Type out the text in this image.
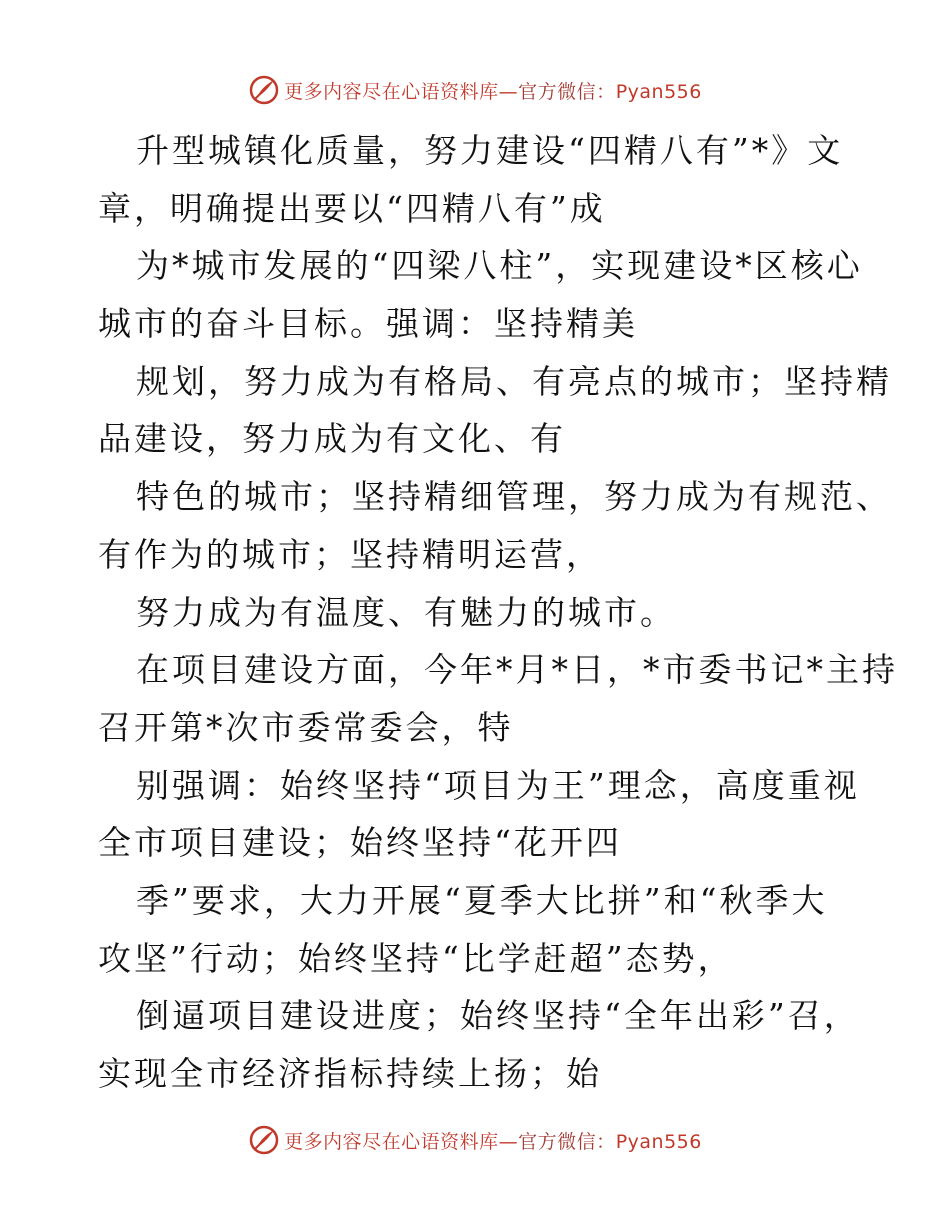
更多内容尽在心语资料库—官方微信：Pyan556
升型城镇化质量，努力建设“四精八有”*》文
章，明确提出要以“四精八有”成
为*城市发展的“四梁八柱”，实现建设*区核心
城市的奋斗目标。强调：坚持精美
规划，努力成为有格局、有亮点的城市；坚持精
品建设，努力成为有文化、有
特色的城市；坚持精细管理，努力成为有规范、
有作为的城市；坚持精明运营，
努力成为有温度、有魅力的城市。
在项目建设方面，今年*月*日，*市委书记*主持
召开第*次市委常委会，特
别强调：始终坚持“项目为王”理念，高度重视
全市项目建设；始终坚持“花开四
季”要求，大力开展“夏季大比拼”和“秋季大
攻坚”行动；始终坚持“比学赶超”态势，
倒逼项目建设进度；始终坚持“全年出彩”召，
实现全市经济指标持续上扬；始
更多内容尽在心语资料库—官方微信：Pyan556
